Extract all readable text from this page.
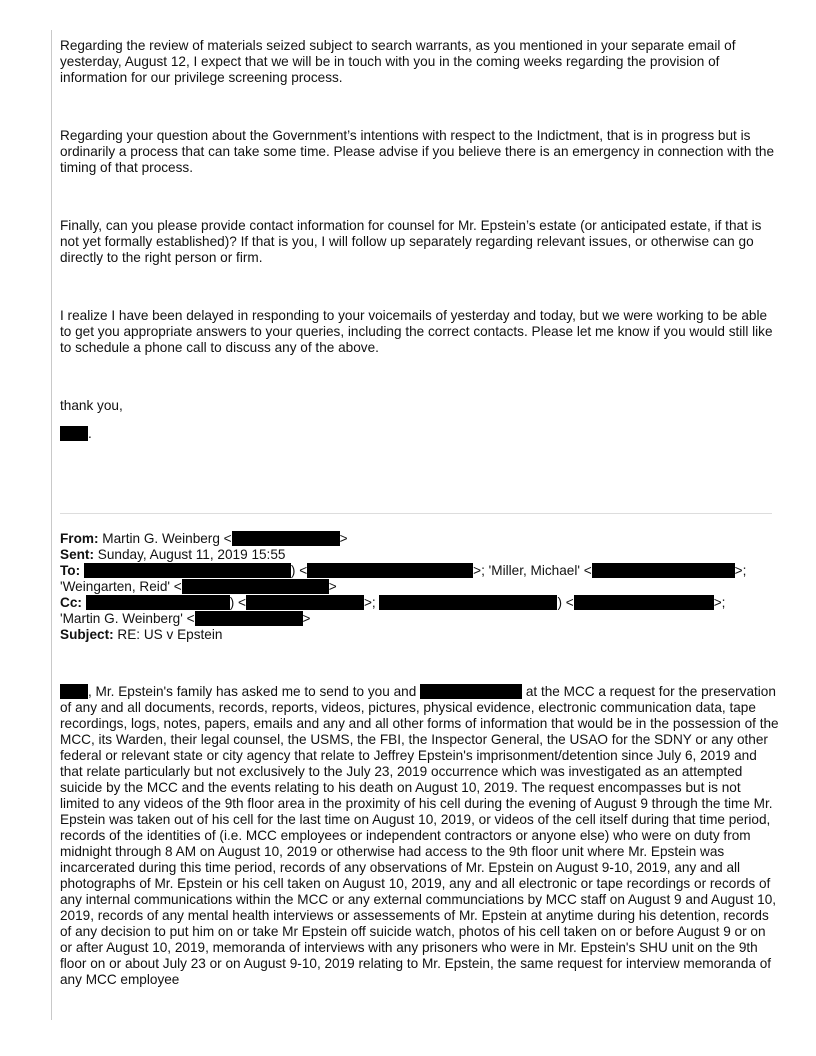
Regarding the review of materials seized subject to search warrants, as you mentioned in your separate email of yesterday, August 12, I expect that we will be in touch with you in the coming weeks regarding the provision of information for our privilege screening process.

Regarding your question about the Government’s intentions with respect to the Indictment, that is in progress but is ordinarily a process that can take some time. Please advise if you believe there is an emergency in connection with the timing of that process.

Finally, can you please provide contact information for counsel for Mr. Epstein’s estate (or anticipated estate, if that is not yet formally established)? If that is you, I will follow up separately regarding relevant issues, or otherwise can go directly to the right person or firm.

I realize I have been delayed in responding to your voicemails of yesterday and today, but we were working to be able to get you appropriate answers to your queries, including the correct contacts. Please let me know if you would still like to schedule a phone call to discuss any of the above.

thank you,

.

From: Martin G. Weinberg <	>
Sent: Sunday, August 11, 2019 15:55
To:	) <	>; 'Miller, Michael' <	>;
'Weingarten, Reid' <	>
Cc:	) <	>;	) <	>;
'Martin G. Weinberg' <	>
Subject: RE: US v Epstein

, Mr. Epstein's family has asked me to send to you and	at the MCC a request for the preservation of any and all documents, records, reports, videos, pictures, physical evidence, electronic communication data, tape recordings, logs, notes, papers, emails and any and all other forms of information that would be in the possession of the MCC, its Warden, their legal counsel, the USMS, the FBI, the Inspector General, the USAO for the SDNY or any other federal or relevant state or city agency that relate to Jeffrey Epstein's imprisonment/detention since July 6, 2019 and that relate particularly but not exclusively to the July 23, 2019 occurrence which was investigated as an attempted suicide by the MCC and the events relating to his death on August 10, 2019. The request encompasses but is not limited to any videos of the 9th floor area in the proximity of his cell during the evening of August 9 through the time Mr. Epstein was taken out of his cell for the last time on August 10, 2019, or videos of the cell itself during that time period, records of the identities of (i.e. MCC employees or independent contractors or anyone else) who were on duty from midnight through 8 AM on August 10, 2019 or otherwise had access to the 9th floor unit where Mr. Epstein was incarcerated during this time period, records of any observations of Mr. Epstein on August 9-10, 2019, any and all photographs of Mr. Epstein or his cell taken on August 10, 2019, any and all electronic or tape recordings or records of any internal communications within the MCC or any external communciations by MCC staff on August 9 and August 10, 2019, records of any mental health interviews or assessements of Mr. Epstein at anytime during his detention, records of any decision to put him on or take Mr Epstein off suicide watch, photos of his cell taken on or before August 9 or on or after August 10, 2019, memoranda of interviews with any prisoners who were in Mr. Epstein's SHU unit on the 9th floor on or about July 23 or on August 9-10, 2019 relating to Mr. Epstein, the same request for interview memoranda of any MCC employee
